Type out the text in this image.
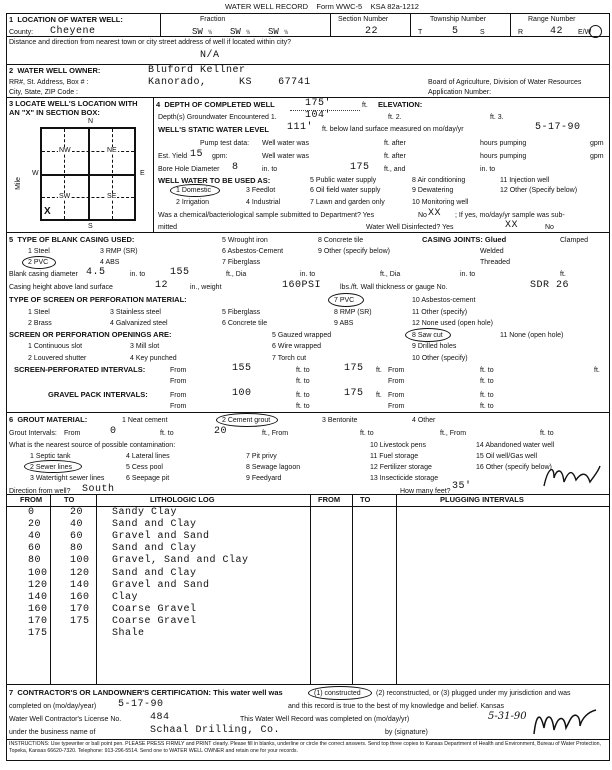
WATER WELL RECORD Form WWC-5 KSA 82a-1212
1 LOCATION OF WATER WELL:	Fraction	Section Number	Township Number	Range Number
County: Cheyene	SW ¼ SW ¼ SW ¼	22	T	5	S	R	42 E/W
Distance and direction from nearest town or city street address of well if located within city?
N/A
2 WATER WELL OWNER:	Bluford Kellner
RR#, St. Address, Box # :	Kanorado,	KS	67741	Board of Agriculture, Division of Water Resources
City, State, ZIP Code :	Application Number:
3 LOCATE WELL'S LOCATION WITH
AN "X" IN SECTION BOX:
N
S
W	E
Mile
NW	NE
SW	SE
X
4 DEPTH OF COMPLETED WELL	175'	ft. ELEVATION:
Depth(s) Groundwater Encountered 1.	104'	ft. 2.	ft. 3.
WELL'S STATIC WATER LEVEL 111' ft. below land surface measured on mo/day/yr	5-17-90
Pump test data: Well water was	ft. after	hours pumping	gpm
Est. Yield 15 gpm:	Well water was	ft. after	hours pumping	gpm
Bore Hole Diameter 8	in. to	175 ft., and	in. to
WELL WATER TO BE USED AS:
1 Domestic
2 Irrigation
3 Feedlot
4 Industrial
5 Public water supply
6 Oil field water supply
7 Lawn and garden only
8 Air conditioning
9 Dewatering
10 Monitoring well
11 Injection well
12 Other (Specify below)
Was a chemical/bacteriological sample submitted to Department? Yes	No XX ; If yes, mo/day/yr sample was sub-
mitted	Water Well Disinfected? Yes	XX	No
5 TYPE OF BLANK CASING USED:
1 Steel
2 PVC
3 RMP (SR)
4 ABS
5 Wrought iron
6 Asbestos-Cement
7 Fiberglass
8 Concrete tile
9 Other (specify below)
CASING JOINTS: Glued	Clamped
Welded
Threaded
Blank casing diameter 4.5	in. to 155	ft., Dia	in. to	ft., Dia	in. to	ft.
Casing height above land surface	12	in., weight	160PSI	lbs./ft. Wall thickness or gauge No.	SDR 26
TYPE OF SCREEN OR PERFORATION MATERIAL:
1 Steel
2 Brass
3 Stainless steel
4 Galvanized steel
5 Fiberglass
6 Concrete tile
7 PVC
8 RMP (SR)
9 ABS
10 Asbestos-cement
11 Other (specify)
12 None used (open hole)
SCREEN OR PERFORATION OPENINGS ARE:
1 Continuous slot
2 Louvered shutter
3 Mill slot
4 Key punched
5 Gauzed wrapped
6 Wire wrapped
7 Torch cut
8 Saw cut
9 Drilled holes
10 Other (specify)
11 None (open hole)
SCREEN-PERFORATED INTERVALS:	From	155	ft. to	175 ft. From	ft. to	ft.
From	ft. to	From	ft. to
GRAVEL PACK INTERVALS:	From	100	ft. to	175 ft. From	ft. to
From	ft. to	From	ft. to
6 GROUT MATERIAL:	1 Neat cement	2 Cement grout	3 Bentonite	4 Other
Grout Intervals: From	0	ft. to	20	ft., From	ft. to	ft., From	ft. to
What is the nearest source of possible contamination:
1 Septic tank
2 Sewer lines
3 Watertight sewer lines
4 Lateral lines
5 Cess pool
6 Seepage pit
7 Pit privy
8 Sewage lagoon
9 Feedyard
10 Livestock pens
11 Fuel storage
12 Fertilizer storage
13 Insecticide storage
14 Abandoned water well
15 Oil well/Gas well
16 Other (specify below)
Direction from well? South	How many feet? 35'
FROM	TO	LITHOLOGIC LOG	FROM	TO	PLUGGING INTERVALS
0	20	Sandy Clay
20	40	Sand and Clay
40	60	Gravel and Sand
60	80	Sand and Clay
80	100 Gravel, Sand and Clay
100 120 Sand and Clay
120 140 Gravel and Sand
140 160 Clay
160 170 Coarse Gravel
170 175 Coarse Gravel
175	Shale
7 CONTRACTOR'S OR LANDOWNER'S CERTIFICATION: This water well was	(1) constructed (2) reconstructed, or (3) plugged under my jurisdiction and was
completed on (mo/day/year) 5-17-90	and this record is true to the best of my knowledge and belief. Kansas
Water Well Contractor's License No.	484	This Water Well Record was completed on (mo/day/yr)	5-31-90
under the business name of	Schaal Drilling, Co.	by (signature)
INSTRUCTIONS: Use typewriter or ball point pen. PLEASE PRESS FIRMLY and PRINT clearly. Please fill in blanks, underline or circle the correct answers. Send top three copies to Kansas Department of Health and Environment, Bureau of Water Protection, Topeka, Kansas 66620-7320. Telephone: 913-296-5514. Send one to WATER WELL OWNER and retain one for your records.
